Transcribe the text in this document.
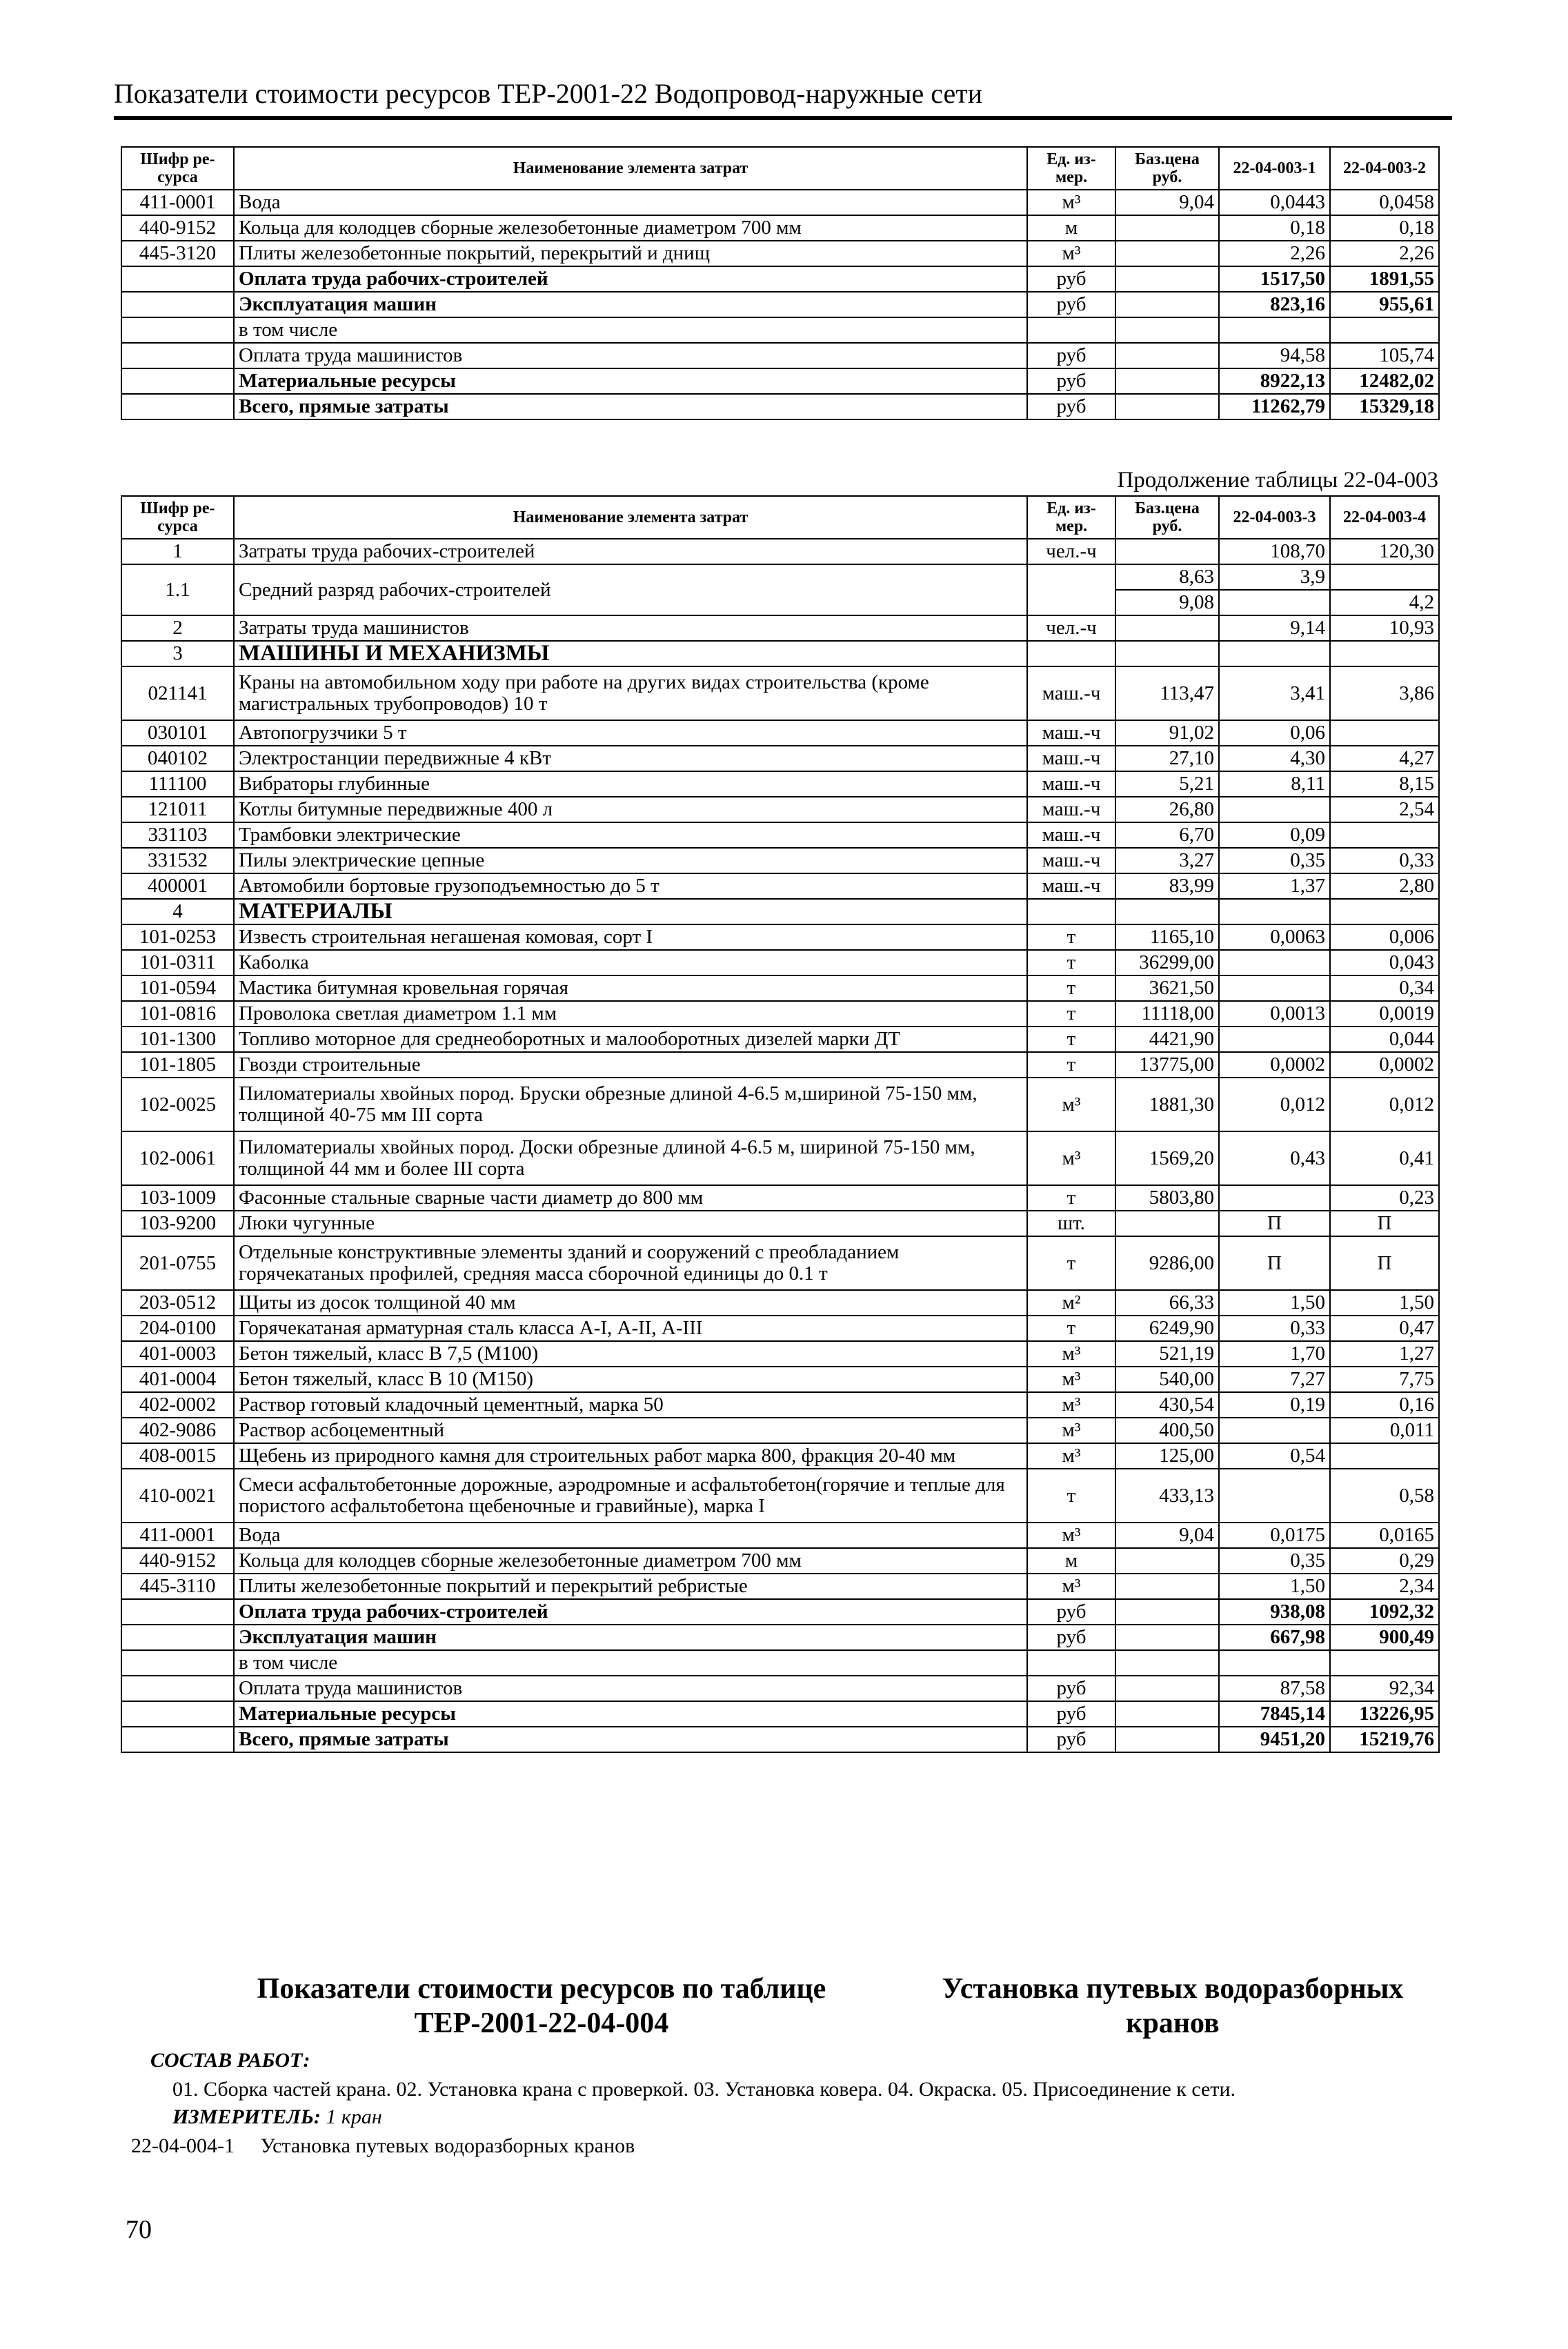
Показатели стоимости ресурсов ТЕР-2001-22 Водопровод-наружные сети
Шифр ре-сурса	Наименование элемента затрат	Ед. из-мер.	Баз.цена руб.	22-04-003-1	22-04-003-2
411-0001	Вода	м³	9,04	0,0443	0,0458
440-9152	Кольца для колодцев сборные железобетонные диаметром 700 мм	м		0,18	0,18
445-3120	Плиты железобетонные покрытий, перекрытий и днищ	м³		2,26	2,26
	Оплата труда рабочих-строителей	руб		1517,50	1891,55
	Эксплуатация машин	руб		823,16	955,61
	в том числе				
	Оплата труда машинистов	руб		94,58	105,74
	Материальные ресурсы	руб		8922,13	12482,02
	Всего, прямые затраты	руб		11262,79	15329,18
Продолжение таблицы 22-04-003
Шифр ре-сурса	Наименование элемента затрат	Ед. из-мер.	Баз.цена руб.	22-04-003-3	22-04-003-4
1	Затраты труда рабочих-строителей	чел.-ч		108,70	120,30
1.1	Средний разряд рабочих-строителей		8,63	3,9	
			9,08		4,2
2	Затраты труда машинистов	чел.-ч		9,14	10,93
3	МАШИНЫ И МЕХАНИЗМЫ				
021141	Краны на автомобильном ходу при работе на других видах строительства (кроме магистральных трубопроводов) 10 т	маш.-ч	113,47	3,41	3,86
030101	Автопогрузчики 5 т	маш.-ч	91,02	0,06	
040102	Электростанции передвижные 4 кВт	маш.-ч	27,10	4,30	4,27
111100	Вибраторы глубинные	маш.-ч	5,21	8,11	8,15
121011	Котлы битумные передвижные 400 л	маш.-ч	26,80		2,54
331103	Трамбовки электрические	маш.-ч	6,70	0,09	
331532	Пилы электрические цепные	маш.-ч	3,27	0,35	0,33
400001	Автомобили бортовые грузоподъемностью до 5 т	маш.-ч	83,99	1,37	2,80
4	МАТЕРИАЛЫ				
101-0253	Известь строительная негашеная комовая, сорт I	т	1165,10	0,0063	0,006
101-0311	Каболка	т	36299,00		0,043
101-0594	Мастика битумная кровельная горячая	т	3621,50		0,34
101-0816	Проволока светлая диаметром 1.1 мм	т	11118,00	0,0013	0,0019
101-1300	Топливо моторное для среднеоборотных и малооборотных дизелей марки ДТ	т	4421,90		0,044
101-1805	Гвозди строительные	т	13775,00	0,0002	0,0002
102-0025	Пиломатериалы хвойных пород. Бруски обрезные длиной 4-6.5 м,шириной 75-150 мм, толщиной 40-75 мм III сорта	м³	1881,30	0,012	0,012
102-0061	Пиломатериалы хвойных пород. Доски обрезные длиной 4-6.5 м, шириной 75-150 мм, толщиной 44 мм и более III сорта	м³	1569,20	0,43	0,41
103-1009	Фасонные стальные сварные части диаметр до 800 мм	т	5803,80		0,23
103-9200	Люки чугунные	шт.		П	П
201-0755	Отдельные конструктивные элементы зданий и сооружений с преобладанием горячекатаных профилей, средняя масса сборочной единицы до 0.1 т	т	9286,00	П	П
203-0512	Щиты из досок толщиной 40 мм	м²	66,33	1,50	1,50
204-0100	Горячекатаная арматурная сталь класса А-I, А-II, А-III	т	6249,90	0,33	0,47
401-0003	Бетон тяжелый, класс В 7,5 (М100)	м³	521,19	1,70	1,27
401-0004	Бетон тяжелый, класс В 10 (М150)	м³	540,00	7,27	7,75
402-0002	Раствор готовый кладочный цементный, марка 50	м³	430,54	0,19	0,16
402-9086	Раствор асбоцементный	м³	400,50		0,011
408-0015	Щебень из природного камня для строительных работ марка 800, фракция 20-40 мм	м³	125,00	0,54	
410-0021	Смеси асфальтобетонные дорожные, аэродромные и асфальтобетон(горячие и теплые для пористого асфальтобетона щебеночные и гравийные), марка I	т	433,13		0,58
411-0001	Вода	м³	9,04	0,0175	0,0165
440-9152	Кольца для колодцев сборные железобетонные диаметром 700 мм	м		0,35	0,29
445-3110	Плиты железобетонные покрытий и перекрытий ребристые	м³		1,50	2,34
	Оплата труда рабочих-строителей	руб		938,08	1092,32
	Эксплуатация машин	руб		667,98	900,49
	в том числе				
	Оплата труда машинистов	руб		87,58	92,34
	Материальные ресурсы	руб		7845,14	13226,95
	Всего, прямые затраты	руб		9451,20	15219,76
Показатели стоимости ресурсов по таблице ТЕР-2001-22-04-004
Установка путевых водоразборных кранов
СОСТАВ РАБОТ:
01. Сборка частей крана. 02. Установка крана с проверкой. 03. Установка ковера. 04. Окраска. 05. Присоединение к сети.
ИЗМЕРИТЕЛЬ: 1 кран
22-04-004-1 Установка путевых водоразборных кранов
70
